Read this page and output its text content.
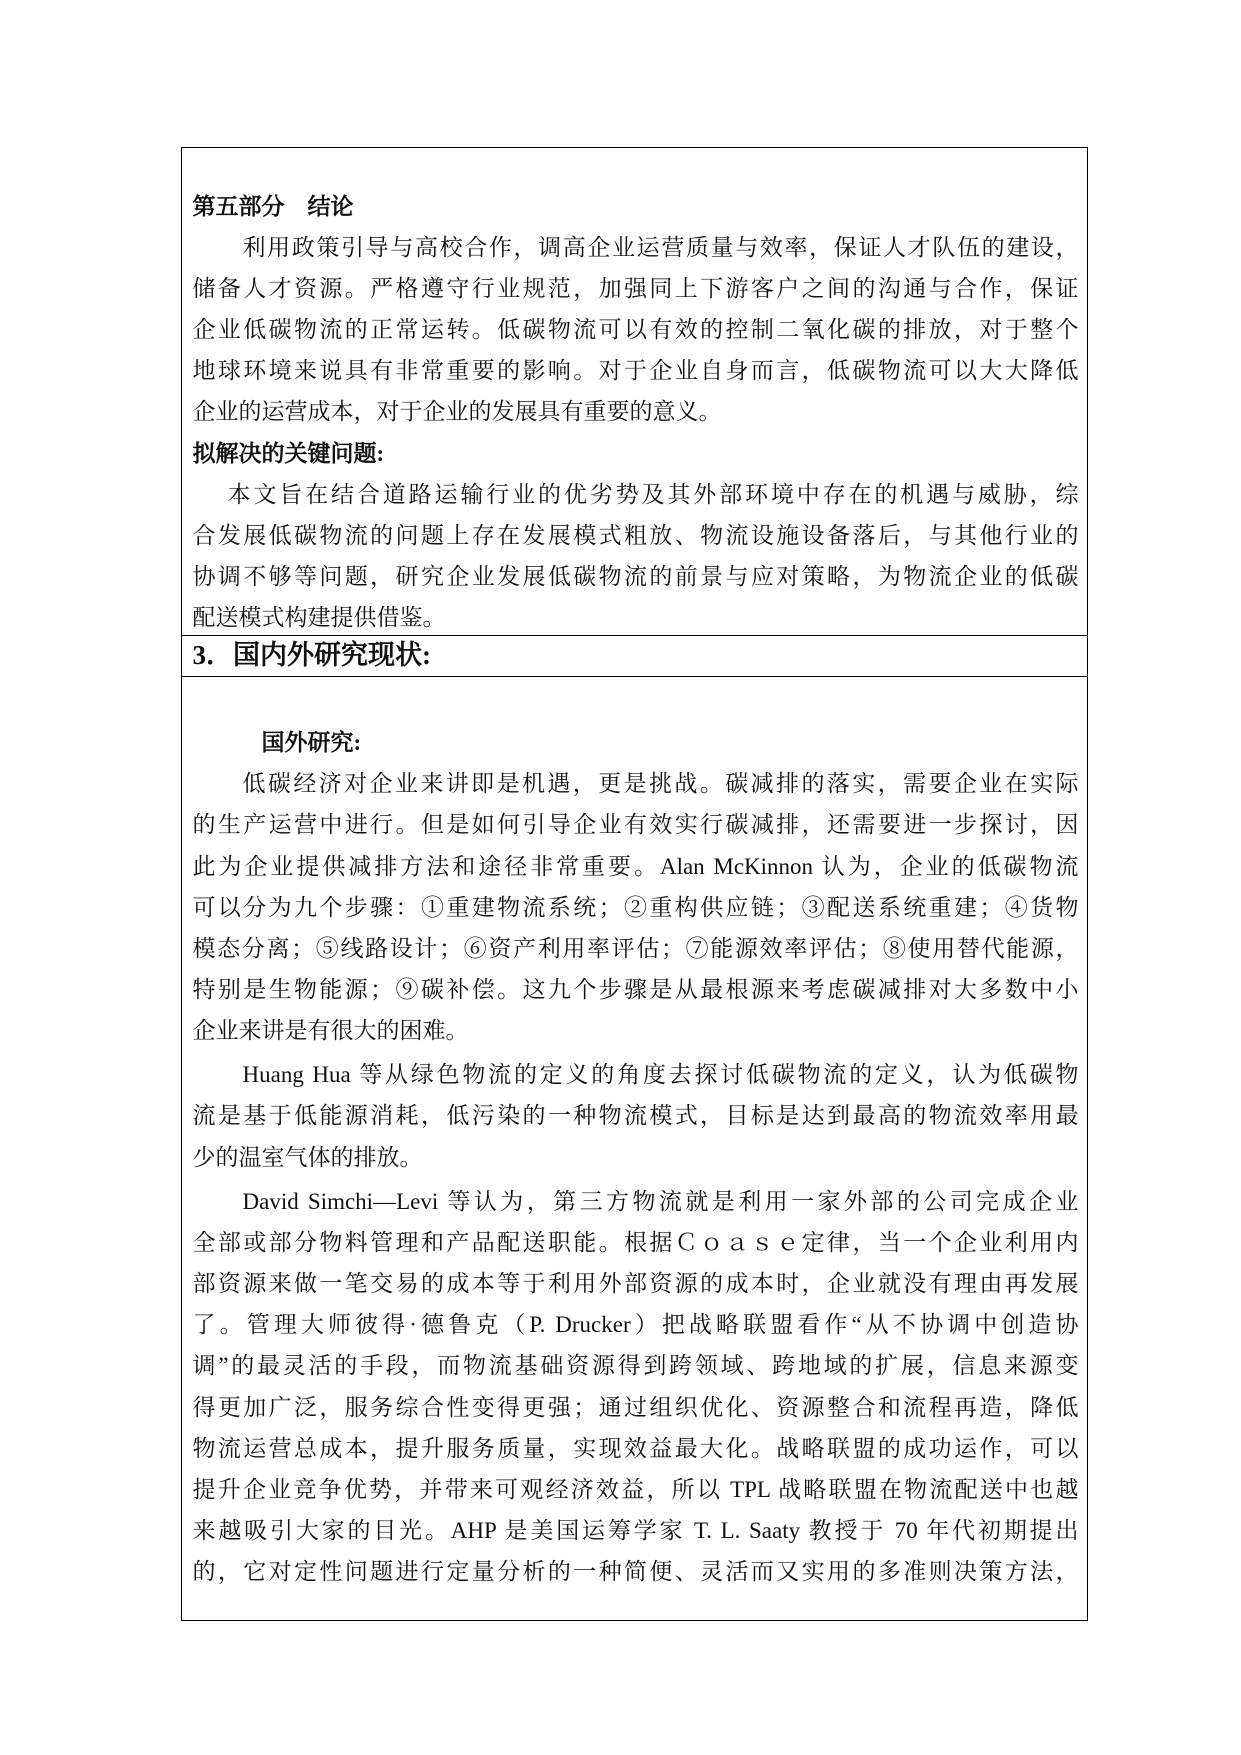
第五部分　结论
利用政策引导与高校合作，调高企业运营质量与效率，保证人才队伍的建设，
储备人才资源。严格遵守行业规范，加强同上下游客户之间的沟通与合作，保证
企业低碳物流的正常运转。低碳物流可以有效的控制二氧化碳的排放，对于整个
地球环境来说具有非常重要的影响。对于企业自身而言，低碳物流可以大大降低
企业的运营成本，对于企业的发展具有重要的意义。
拟解决的关键问题:
本文旨在结合道路运输行业的优劣势及其外部环境中存在的机遇与威胁，综
合发展低碳物流的问题上存在发展模式粗放、物流设施设备落后，与其他行业的
协调不够等问题，研究企业发展低碳物流的前景与应对策略，为物流企业的低碳
配送模式构建提供借鉴。
3．国内外研究现状:
国外研究:
低碳经济对企业来讲即是机遇，更是挑战。碳减排的落实，需要企业在实际
的生产运营中进行。但是如何引导企业有效实行碳减排，还需要进一步探讨，因
此为企业提供减排方法和途径非常重要。Alan McKinnon 认为，企业的低碳物流
可以分为九个步骤：①重建物流系统；②重构供应链；③配送系统重建；④货物
模态分离；⑤线路设计；⑥资产利用率评估；⑦能源效率评估；⑧使用替代能源，
特别是生物能源；⑨碳补偿。这九个步骤是从最根源来考虑碳减排对大多数中小
企业来讲是有很大的困难。
Huang Hua 等从绿色物流的定义的角度去探讨低碳物流的定义，认为低碳物
流是基于低能源消耗，低污染的一种物流模式，目标是达到最高的物流效率用最
少的温室气体的排放。
David Simchi—Levi 等认为，第三方物流就是利用一家外部的公司完成企业
全部或部分物料管理和产品配送职能。根据Ｃｏａｓｅ定律，当一个企业利用内
部资源来做一笔交易的成本等于利用外部资源的成本时，企业就没有理由再发展
了。管理大师彼得·德鲁克（P. Drucker）把战略联盟看作“从不协调中创造协
调”的最灵活的手段，而物流基础资源得到跨领域、跨地域的扩展，信息来源变
得更加广泛，服务综合性变得更强；通过组织优化、资源整合和流程再造，降低
物流运营总成本，提升服务质量，实现效益最大化。战略联盟的成功运作，可以
提升企业竞争优势，并带来可观经济效益，所以 TPL 战略联盟在物流配送中也越
来越吸引大家的目光。AHP 是美国运筹学家 T. L. Saaty 教授于 70 年代初期提出
的，它对定性问题进行定量分析的一种简便、灵活而又实用的多准则决策方法，
